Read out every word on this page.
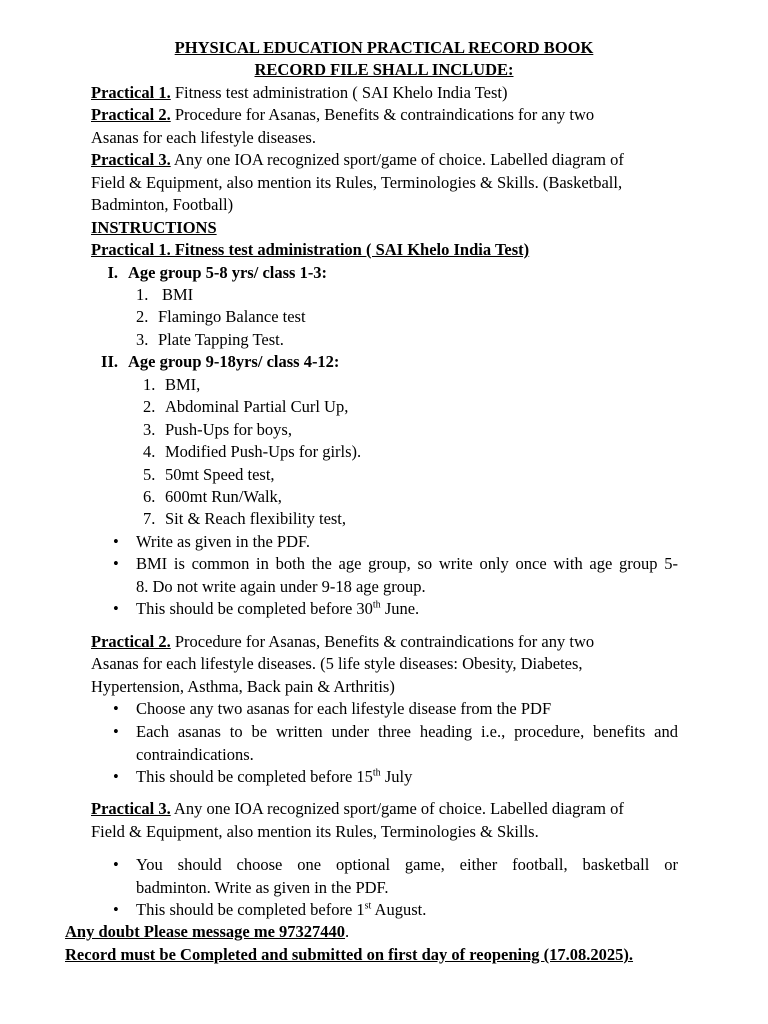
PHYSICAL EDUCATION PRACTICAL RECORD BOOK
RECORD FILE SHALL INCLUDE:
Practical 1. Fitness test administration ( SAI Khelo India Test)
Practical 2. Procedure for Asanas, Benefits & contraindications for any two
Asanas for each lifestyle diseases.
Practical 3. Any one IOA recognized sport/game of choice. Labelled diagram of
Field & Equipment, also mention its Rules, Terminologies & Skills. (Basketball,
Badminton, Football)
INSTRUCTIONS
Practical 1. Fitness test administration ( SAI Khelo India Test)
I. Age group 5-8 yrs/ class 1-3:
1. BMI
2. Flamingo Balance test
3. Plate Tapping Test.
II. Age group 9-18yrs/ class 4-12:
1. BMI,
2. Abdominal Partial Curl Up,
3. Push-Ups for boys,
4. Modified Push-Ups for girls).
5. 50mt Speed test,
6. 600mt Run/Walk,
7. Sit & Reach flexibility test,
• Write as given in the PDF.
• BMI is common in both the age group, so write only once with age group 5-
8. Do not write again under 9-18 age group.
• This should be completed before 30th June.
Practical 2. Procedure for Asanas, Benefits & contraindications for any two
Asanas for each lifestyle diseases. (5 life style diseases: Obesity, Diabetes,
Hypertension, Asthma, Back pain & Arthritis)
• Choose any two asanas for each lifestyle disease from the PDF
• Each asanas to be written under three heading i.e., procedure, benefits and
contraindications.
• This should be completed before 15th July
Practical 3. Any one IOA recognized sport/game of choice. Labelled diagram of
Field & Equipment, also mention its Rules, Terminologies & Skills.
• You should choose one optional game, either football, basketball or
badminton. Write as given in the PDF.
• This should be completed before 1st August.
Any doubt Please message me 97327440.
Record must be Completed and submitted on first day of reopening (17.08.2025).
